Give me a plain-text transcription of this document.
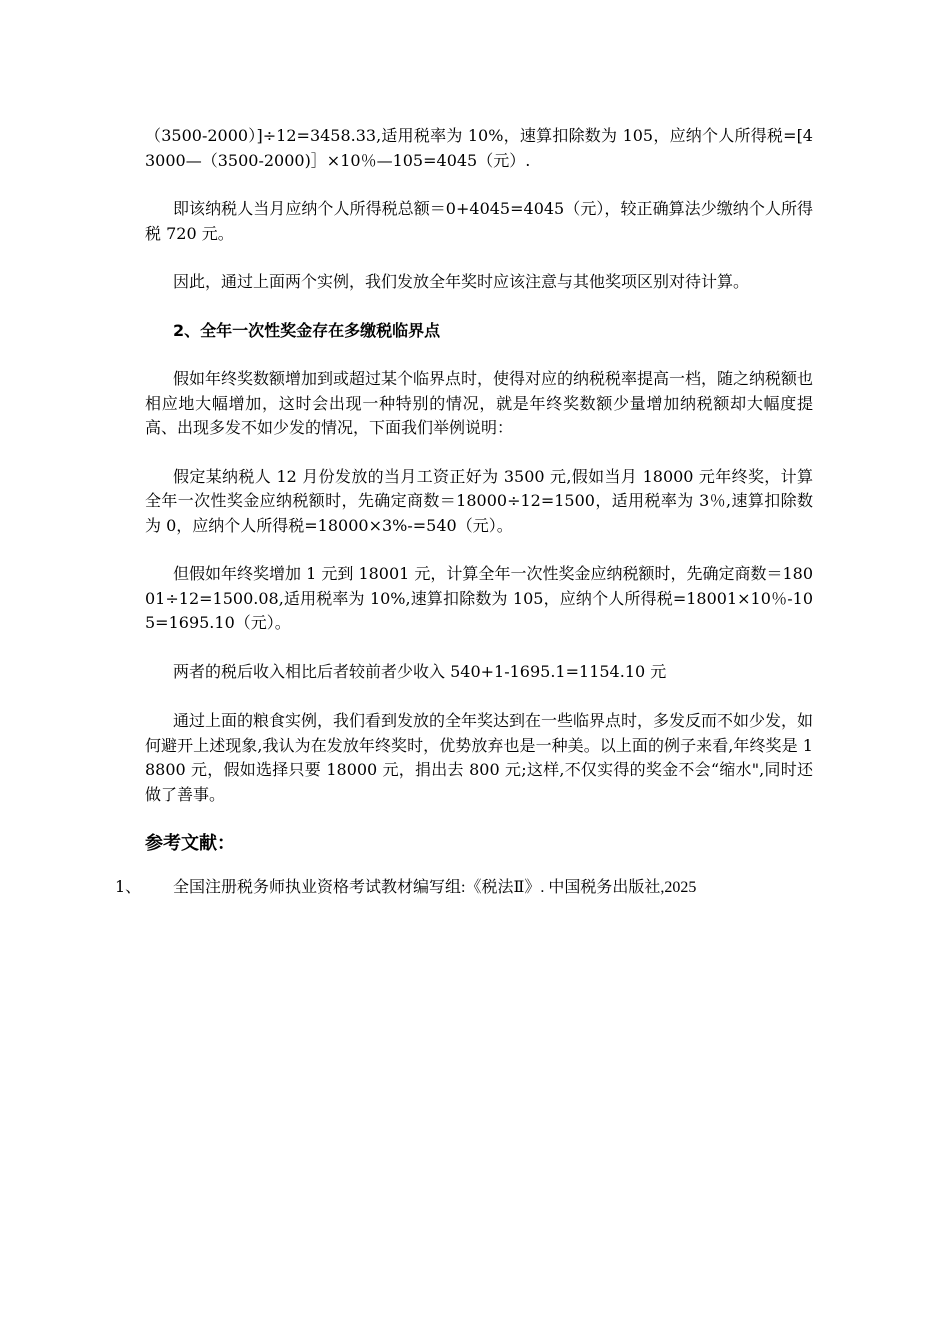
（3500-2000）]÷12=3458.33,适用税率为 10%，速算扣除数为 105，应纳个人所得税=[43000—（3500-2000)］×10％—105=4045（元）.

即该纳税人当月应纳个人所得税总额＝0+4045=4045（元），较正确算法少缴纳个人所得税 720 元。

因此，通过上面两个实例，我们发放全年奖时应该注意与其他奖项区别对待计算。

2、全年一次性奖金存在多缴税临界点

假如年终奖数额增加到或超过某个临界点时，使得对应的纳税税率提高一档，随之纳税额也相应地大幅增加，这时会出现一种特别的情况，就是年终奖数额少量增加纳税额却大幅度提高、出现多发不如少发的情况，下面我们举例说明：

假定某纳税人 12 月份发放的当月工资正好为 3500 元,假如当月 18000 元年终奖，计算全年一次性奖金应纳税额时，先确定商数＝18000÷12=1500，适用税率为 3％,速算扣除数为 0，应纳个人所得税=18000×3%-=540（元）。

但假如年终奖增加 1 元到 18001 元，计算全年一次性奖金应纳税额时，先确定商数＝18001÷12=1500.08,适用税率为 10%,速算扣除数为 105，应纳个人所得税=18001×10％-105=1695.10（元）。

两者的税后收入相比后者较前者少收入 540+1-1695.1=1154.10 元

通过上面的粮食实例，我们看到发放的全年奖达到在一些临界点时，多发反而不如少发，如何避开上述现象,我认为在发放年终奖时，优势放弃也是一种美。以上面的例子来看,年终奖是 18800 元，假如选择只要 18000 元，捐出去 800 元;这样,不仅实得的奖金不会“缩水",同时还做了善事。

参考文献：
1、 全国注册税务师执业资格考试教材编写组:《税法Ⅱ》. 中国税务出版社,2025
